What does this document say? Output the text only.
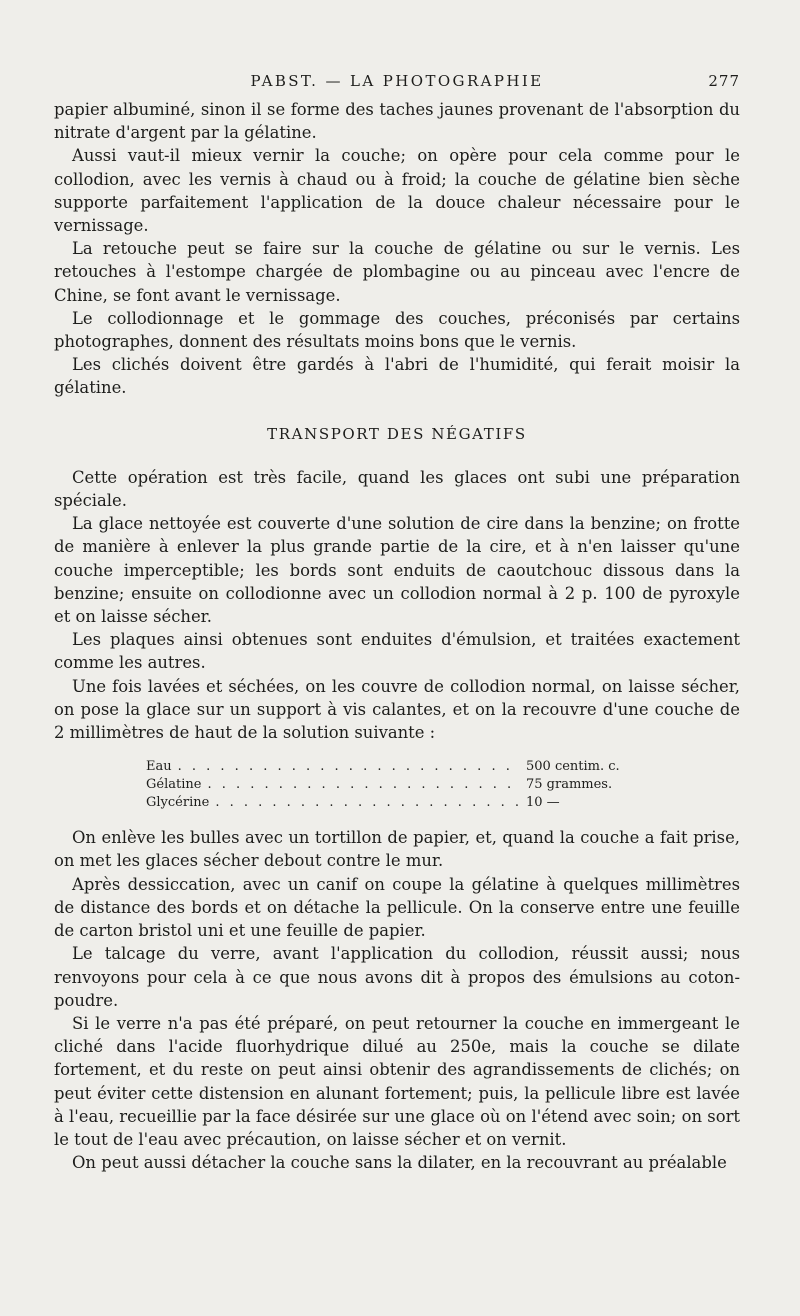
PABST. — LA PHOTOGRAPHIE	277

papier albuminé, sinon il se forme des taches jaunes provenant de l'absorption du nitrate d'argent par la gélatine.

Aussi vaut-il mieux vernir la couche; on opère pour cela comme pour le collodion, avec les vernis à chaud ou à froid; la couche de gélatine bien sèche supporte parfaitement l'application de la douce chaleur nécessaire pour le vernissage.

La retouche peut se faire sur la couche de gélatine ou sur le vernis. Les retouches à l'estompe chargée de plombagine ou au pinceau avec l'encre de Chine, se font avant le vernissage.

Le collodionnage et le gommage des couches, préconisés par certains photographes, donnent des résultats moins bons que le vernis.

Les clichés doivent être gardés à l'abri de l'humidité, qui ferait moisir la gélatine.

TRANSPORT DES NÉGATIFS

Cette opération est très facile, quand les glaces ont subi une préparation spéciale.

La glace nettoyée est couverte d'une solution de cire dans la benzine; on frotte de manière à enlever la plus grande partie de la cire, et à n'en laisser qu'une couche imperceptible; les bords sont enduits de caoutchouc dissous dans la benzine; ensuite on collodionne avec un collodion normal à 2 p. 100 de pyroxyle et on laisse sécher.

Les plaques ainsi obtenues sont enduites d'émulsion, et traitées exactement comme les autres.

Une fois lavées et séchées, on les couvre de collodion normal, on laisse sécher, on pose la glace sur un support à vis calantes, et on la recouvre d'une couche de 2 millimètres de haut de la solution suivante :

Eau . . .	500 centim. c.
Gélatine . . .	75 grammes.
Glycérine . . .	10 —

On enlève les bulles avec un tortillon de papier, et, quand la couche a fait prise, on met les glaces sécher debout contre le mur.

Après dessiccation, avec un canif on coupe la gélatine à quelques millimètres de distance des bords et on détache la pellicule. On la conserve entre une feuille de carton bristol uni et une feuille de papier.

Le talcage du verre, avant l'application du collodion, réussit aussi; nous renvoyons pour cela à ce que nous avons dit à propos des émulsions au coton-poudre.

Si le verre n'a pas été préparé, on peut retourner la couche en immergeant le cliché dans l'acide fluorhydrique dilué au 250e, mais la couche se dilate fortement, et du reste on peut ainsi obtenir des agrandissements de clichés; on peut éviter cette distension en alunant fortement; puis, la pellicule libre est lavée à l'eau, recueillie par la face désirée sur une glace où on l'étend avec soin; on sort le tout de l'eau avec précaution, on laisse sécher et on vernit.

On peut aussi détacher la couche sans la dilater, en la recouvrant au préalable
